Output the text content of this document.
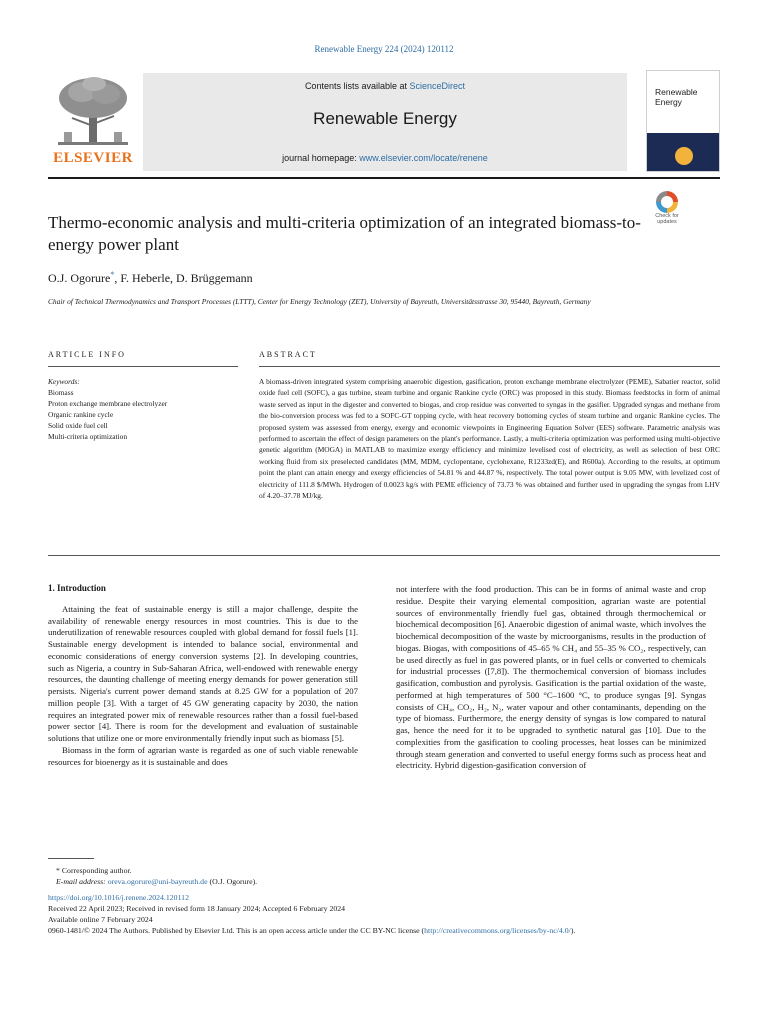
Renewable Energy 224 (2024) 120112
ELSEVIER
Contents lists available at ScienceDirect
Renewable Energy
journal homepage: www.elsevier.com/locate/renene
Renewable Energy
Thermo-economic analysis and multi-criteria optimization of an integrated biomass-to-energy power plant
Check for
updates
O.J. Ogorure*, F. Heberle, D. Brüggemann
Chair of Technical Thermodynamics and Transport Processes (LTTT), Center for Energy Technology (ZET), University of Bayreuth, Universitätsstrasse 30, 95440, Bayreuth, Germany
ARTICLE INFO	ABSTRACT
Keywords:
Biomass
Proton exchange membrane electrolyzer
Organic rankine cycle
Solid oxide fuel cell
Multi-criteria optimization
A biomass-driven integrated system comprising anaerobic digestion, gasification, proton exchange membrane electrolyzer (PEME), Sabatier reactor, solid oxide fuel cell (SOFC), a gas turbine, steam turbine and organic Rankine cycle (ORC) was proposed in this study. Biomass feedstocks in form of animal waste served as input in the digester and converted to biogas, and crop residue was converted to syngas in the gasifier. Upgraded syngas and methane from the bio-conversion process was fed to a SOFC-GT topping cycle, with heat recovery bottoming cycles of steam turbine and organic Rankine cycles. The proposed system was assessed from energy, exergy and economic viewpoints in Engineering Equation Solver (EES) software. Parametric analysis was performed to ascertain the effect of design parameters on the plant's performance. Lastly, a multi-criteria optimization was performed using multi-objective genetic algorithm (MOGA) in MATLAB to maximize exergy efficiency and minimize levelised cost of electricity, as well as selection of best ORC working fluid from six preselected candidates (MM, MDM, cyclopentane, cyclohexane, R1233zd(E), and R600a). According to the results, at optimum point the plant can attain energy and exergy efficiencies of 54.81 % and 44.87 %, respectively. The total power output is 9.05 MW, with levelized cost of electricity of 111.8 $/MWh. Hydrogen of 0.0023 kg/s with PEME efficiency of 73.73 % was obtained and further used in upgrading the syngas from LHV of 4.20–37.78 MJ/kg.
1. Introduction

Attaining the feat of sustainable energy is still a major challenge, despite the availability of renewable energy resources in most countries. This is due to the underutilization of renewable resources coupled with global demand for fossil fuels [1]. Sustainable energy development is intended to balance social, environmental and economic considerations of energy conversion systems [2]. In developing countries, such as Nigeria, a country in Sub-Saharan Africa, well-endowed with renewable energy resources, the daunting challenge of meeting energy demands for power generation still persists. Nigeria's current power demand stands at 8.25 GW for a population of 207 million people [3]. With a target of 45 GW generating capacity by 2030, the nation requires an integrated power mix of renewable resources rather than a fossil fuel-based power sector [4]. There is room for the development and evaluation of sustainable solutions that utilize one or more environmentally friendly input such as biomass [5].

Biomass in the form of agrarian waste is regarded as one of such viable renewable resources for bioenergy as it is sustainable and does

not interfere with the food production. This can be in forms of animal waste and crop residue. Despite their varying elemental composition, agrarian waste are potential sources of environmentally friendly fuel gas, obtained through thermochemical or biochemical decomposition [6]. Anaerobic digestion of animal waste, which involves the biochemical decomposition of the waste by microorganisms, results in the production of biogas. Biogas, with compositions of 45–65 % CH₄ and 55–35 % CO₂, respectively, can be used directly as fuel in gas powered plants, or in fuel cells or converted to chemicals for industrial processes ([7,8]). The thermochemical conversion of biomass includes gasification, combustion and pyrolysis. Gasification is the partial oxidation of the waste, performed at high temperatures of 500 °C–1600 °C, to produce syngas [9]. Syngas consists of CH₄, CO₂, H₂, N₂, water vapour and other contaminants, depending on the type of biomass. Furthermore, the energy density of syngas is low compared to natural gas, hence the need for it to be upgraded to synthetic natural gas [10]. Due to the complexities from the gasification to cooling processes, heat losses can be minimized through steam generation and converted to useful energy forms such as process heat and electricity. Hybrid digestion-gasification conversion of

* Corresponding author.
E-mail address: oreva.ogorure@uni-bayreuth.de (O.J. Ogorure).
https://doi.org/10.1016/j.renene.2024.120112
Received 22 April 2023; Received in revised form 18 January 2024; Accepted 6 February 2024
Available online 7 February 2024
0960-1481/© 2024 The Authors. Published by Elsevier Ltd. This is an open access article under the CC BY-NC license (http://creativecommons.org/licenses/by-nc/4.0/).
